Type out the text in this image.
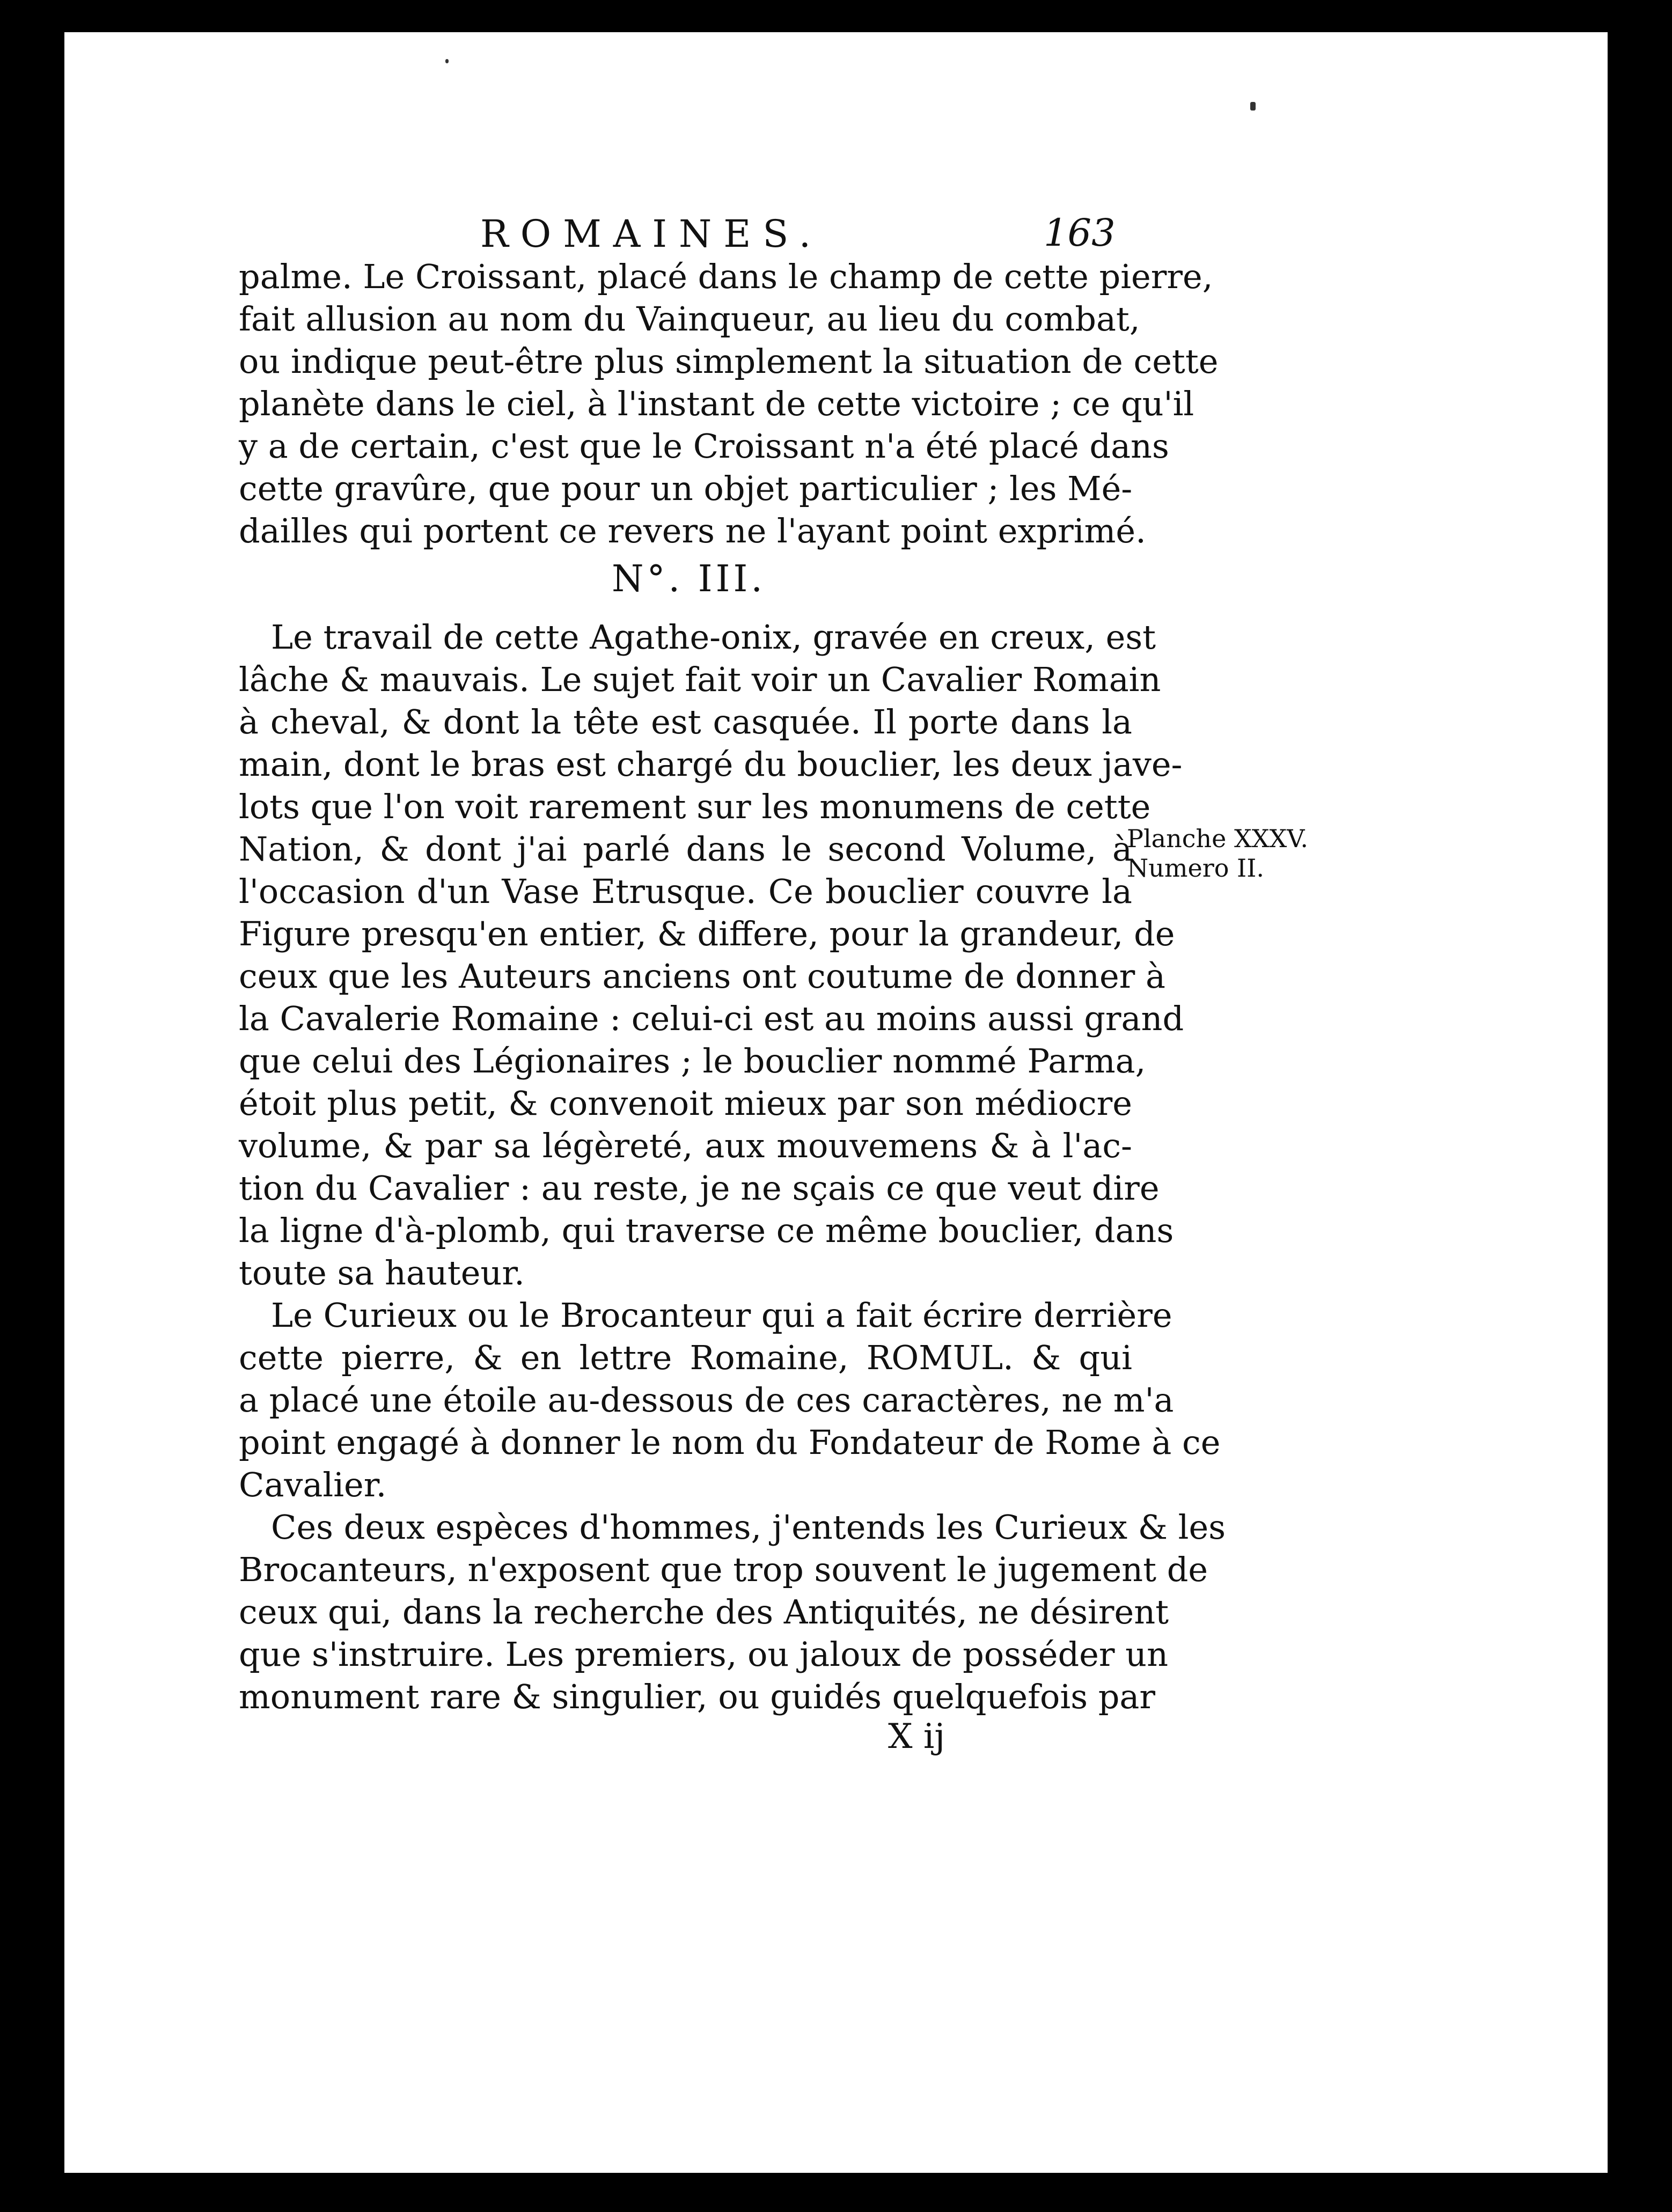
ROMAINES.	163
palme. Le Croissant, placé dans le champ de cette pierre,
fait allusion au nom du Vainqueur, au lieu du combat,
ou indique peut-être plus simplement la situation de cette
planète dans le ciel, à l'instant de cette victoire ; ce qu'il
y a de certain, c'est que le Croissant n'a été placé dans
cette gravûre, que pour un objet particulier ; les Mé-
dailles qui portent ce revers ne l'ayant point exprimé.
N°. III.
Le travail de cette Agathe-onix, gravée en creux, est
lâche & mauvais. Le sujet fait voir un Cavalier Romain
à cheval, & dont la tête est casquée. Il porte dans la
main, dont le bras est chargé du bouclier, les deux jave-
lots que l'on voit rarement sur les monumens de cette
Nation, & dont j'ai parlé dans le second Volume, à
l'occasion d'un Vase Etrusque. Ce bouclier couvre la
Figure presqu'en entier, & differe, pour la grandeur, de
ceux que les Auteurs anciens ont coutume de donner à
la Cavalerie Romaine : celui-ci est au moins aussi grand
que celui des Légionaires ; le bouclier nommé Parma,
étoit plus petit, & convenoit mieux par son médiocre
volume, & par sa légèreté, aux mouvemens & à l'ac-
tion du Cavalier : au reste, je ne sçais ce que veut dire
la ligne d'à-plomb, qui traverse ce même bouclier, dans
toute sa hauteur.
Le Curieux ou le Brocanteur qui a fait écrire derrière
cette pierre, & en lettre Romaine, ROMUL. & qui
a placé une étoile au-dessous de ces caractères, ne m'a
point engagé à donner le nom du Fondateur de Rome à ce
Cavalier.
Ces deux espèces d'hommes, j'entends les Curieux & les
Brocanteurs, n'exposent que trop souvent le jugement de
ceux qui, dans la recherche des Antiquités, ne désirent
que s'instruire. Les premiers, ou jaloux de posséder un
monument rare & singulier, ou guidés quelquefois par
X ij
Planche XXXV.
Numero II.
